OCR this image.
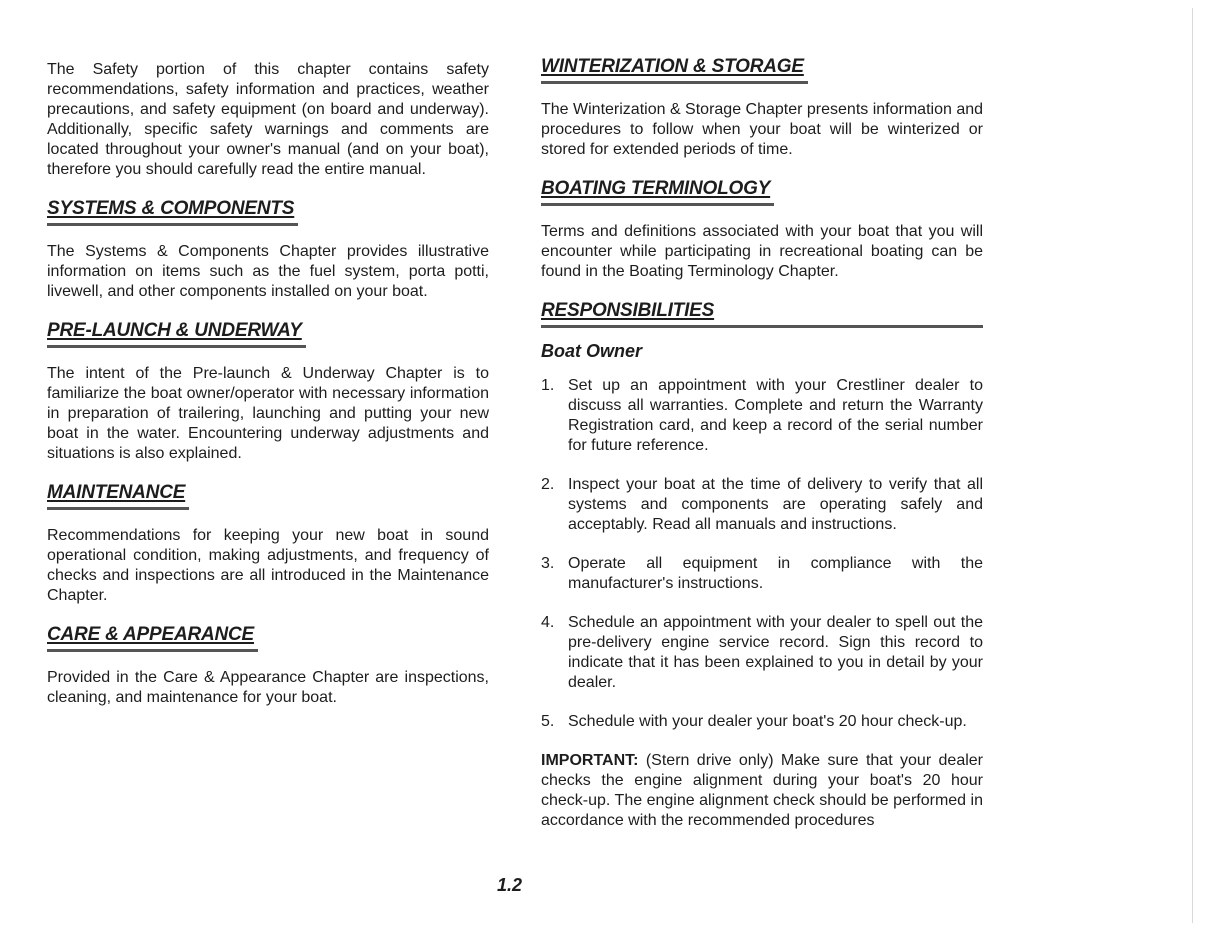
The Safety portion of this chapter contains safety recommendations, safety information and practices, weather precautions, and safety equipment (on board and underway). Additionally, specific safety warnings and comments are located throughout your owner's manual (and on your boat), therefore you should carefully read the entire manual.

SYSTEMS & COMPONENTS

The Systems & Components Chapter provides illustrative information on items such as the fuel system, porta potti, livewell, and other components installed on your boat.

PRE-LAUNCH & UNDERWAY

The intent of the Pre-launch & Underway Chapter is to familiarize the boat owner/operator with necessary information in preparation of trailering, launching and putting your new boat in the water. Encountering underway adjustments and situations is also explained.

MAINTENANCE

Recommendations for keeping your new boat in sound operational condition, making adjustments, and frequency of checks and inspections are all introduced in the Maintenance Chapter.

CARE & APPEARANCE

Provided in the Care & Appearance Chapter are inspections, cleaning, and maintenance for your boat.

WINTERIZATION & STORAGE

The Winterization & Storage Chapter presents information and procedures to follow when your boat will be winterized or stored for extended periods of time.

BOATING TERMINOLOGY

Terms and definitions associated with your boat that you will encounter while participating in recreational boating can be found in the Boating Terminology Chapter.

RESPONSIBILITIES
Boat Owner
1. Set up an appointment with your Crestliner dealer to discuss all warranties. Complete and return the Warranty Registration card, and keep a record of the serial number for future reference.
2. Inspect your boat at the time of delivery to verify that all systems and components are operating safely and acceptably. Read all manuals and instructions.
3. Operate all equipment in compliance with the manufacturer's instructions.
4. Schedule an appointment with your dealer to spell out the pre-delivery engine service record. Sign this record to indicate that it has been explained to you in detail by your dealer.
5. Schedule with your dealer your boat's 20 hour check-up.

IMPORTANT: (Stern drive only) Make sure that your dealer checks the engine alignment during your boat's 20 hour check-up. The engine alignment check should be performed in accordance with the recommended procedures

1.2
